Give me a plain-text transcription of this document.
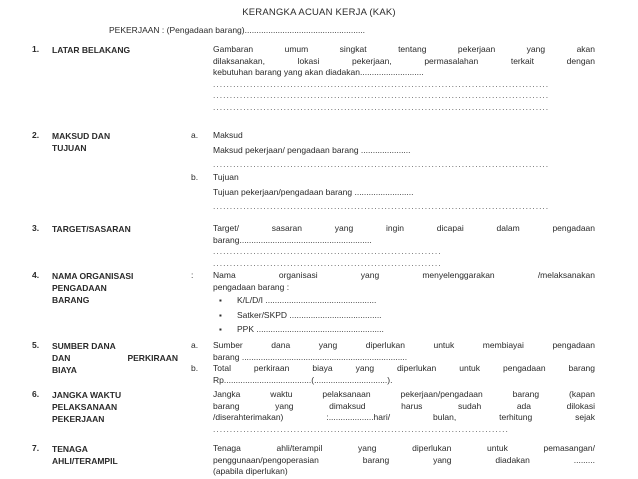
KERANGKA ACUAN KERJA (KAK)
PEKERJAAN : (Pengadaan barang)...................................................
1. LATAR BELAKANG	Gambaran umum singkat tentang pekerjaan yang akan
dilaksanakan, lokasi pekerjaan, permasalahan terkait dengan
kebutuhan barang yang akan diadakan...........................
....................................................................................................
....................................................................................................
....................................................................................................
2. MAKSUD DAN
TUJUAN
a. Maksud
Maksud pekerjaan/ pengadaan barang .....................
....................................................................................................
b. Tujuan
Tujuan pekerjaan/pengadaan barang .........................
....................................................................................................
3. TARGET/SASARAN	Target/ sasaran yang ingin dicapai dalam pengadaan
barang........................................................
....................................................................
....................................................................
4. NAMA ORGANISASI
PENGADAAN
BARANG
: Nama organisasi yang menyelenggarakan /melaksanakan
pengadaan barang :
▪ K/L/D/I ...............................................
▪ Satker/SKPD .......................................
▪ PPK ......................................................
5. SUMBER DANA
DAN PERKIRAAN
BIAYA
a. Sumber dana yang diperlukan untuk membiayai pengadaan
barang ......................................................................
b. Total perkiraan biaya yang diperlukan untuk pengadaan barang
Rp.....................................(...............................).
6. JANGKA WAKTU
PELAKSANAAN
PEKERJAAN
Jangka waktu pelaksanaan pekerjaan/pengadaan barang (kapan
barang yang dimaksud harus sudah ada dilokasi
/diserahterimakan) :...................hari/ bulan, terhitung sejak
........................................................................................
7. TENAGA
AHLI/TERAMPIL
Tenaga ahli/terampil yang diperlukan untuk pemasangan/
penggunaan/pengoperasian barang yang diadakan .........
(apabila diperlukan)
